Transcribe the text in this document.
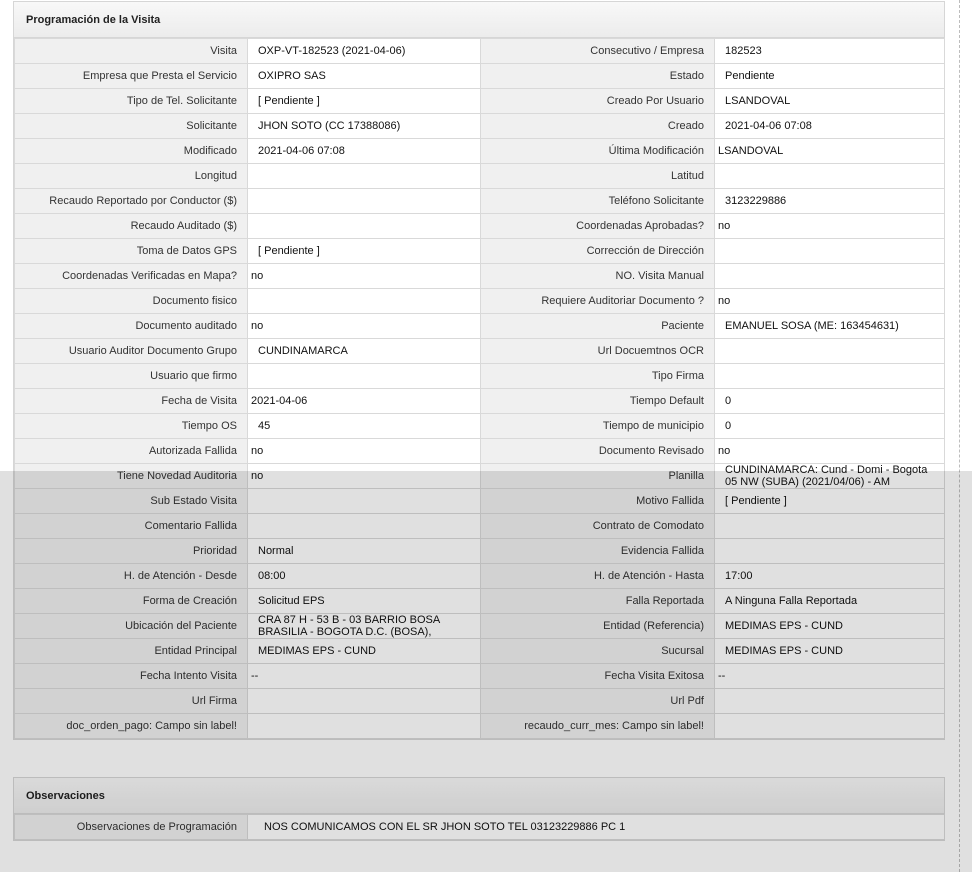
Programación de la Visita
Visita	OXP-VT-182523 (2021-04-06)	Consecutivo / Empresa	182523
Empresa que Presta el Servicio	OXIPRO SAS	Estado	Pendiente
Tipo de Tel. Solicitante	[ Pendiente ]	Creado Por Usuario	LSANDOVAL
Solicitante	JHON SOTO (CC 17388086)	Creado	2021-04-06 07:08
Modificado	2021-04-06 07:08	Última Modificación	LSANDOVAL
Longitud		Latitud	
Recaudo Reportado por Conductor ($)		Teléfono Solicitante	3123229886
Recaudo Auditado ($)		Coordenadas Aprobadas?	no
Toma de Datos GPS	[ Pendiente ]	Corrección de Dirección	
Coordenadas Verificadas en Mapa?	no	NO. Visita Manual	
Documento fisico		Requiere Auditoriar Documento ?	no
Documento auditado	no	Paciente	EMANUEL SOSA (ME: 163454631)
Usuario Auditor Documento Grupo	CUNDINAMARCA	Url Docuemtnos OCR	
Usuario que firmo		Tipo Firma	
Fecha de Visita	2021-04-06	Tiempo Default	0
Tiempo OS	45	Tiempo de municipio	0
Autorizada Fallida	no	Documento Revisado	no
Tiene Novedad Auditoria	no	Planilla	CUNDINAMARCA: Cund - Domi - Bogota 05 NW (SUBA) (2021/04/06) - AM
Sub Estado Visita		Motivo Fallida	[ Pendiente ]
Comentario Fallida		Contrato de Comodato	
Prioridad	Normal	Evidencia Fallida	
H. de Atención - Desde	08:00	H. de Atención - Hasta	17:00
Forma de Creación	Solicitud EPS	Falla Reportada	A Ninguna Falla Reportada
Ubicación del Paciente	CRA 87 H - 53 B - 03 BARRIO BOSA BRASILIA - BOGOTA D.C. (BOSA),	Entidad (Referencia)	MEDIMAS EPS - CUND
Entidad Principal	MEDIMAS EPS - CUND	Sucursal	MEDIMAS EPS - CUND
Fecha Intento Visita	--	Fecha Visita Exitosa	--
Url Firma		Url Pdf	
doc_orden_pago: Campo sin label!		recaudo_curr_mes: Campo sin label!	
Observaciones
Observaciones de Programación	NOS COMUNICAMOS CON EL SR JHON SOTO TEL 03123229886 PC 1
